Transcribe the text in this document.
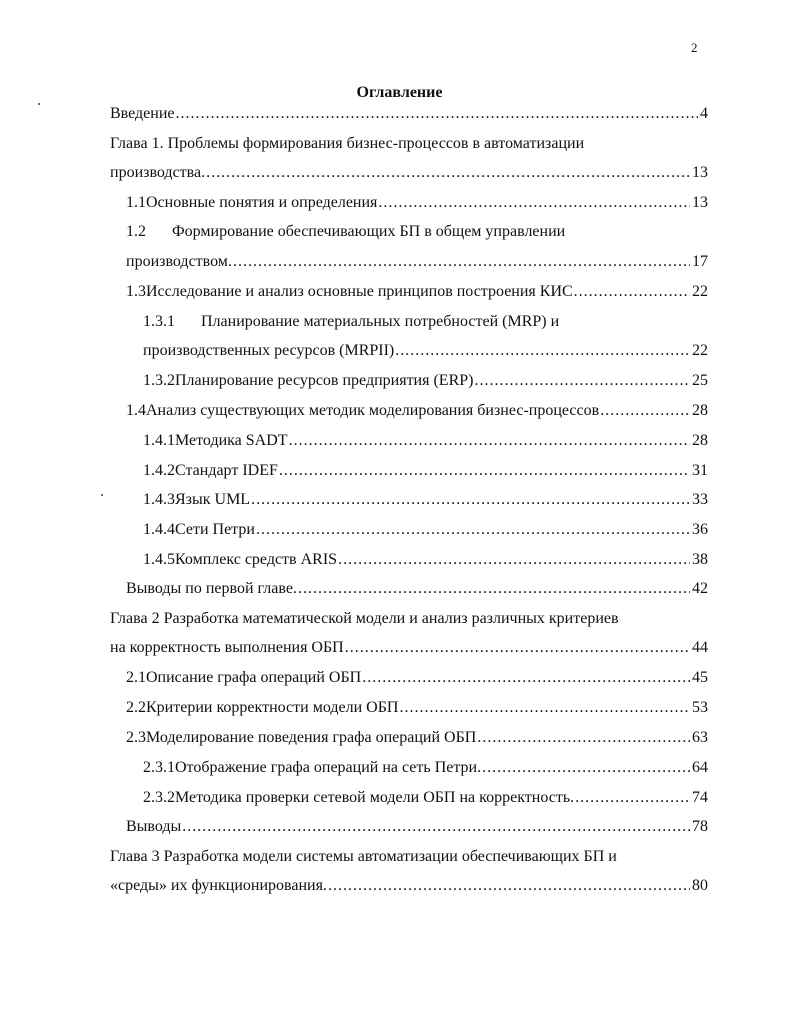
2
Оглавление
Введение .....	4
Глава 1. Проблемы формирования бизнес-процессов в автоматизации
производства. .....	13
1.1 Основные понятия и определения .....	13
1.2 Формирование обеспечивающих БП в общем управлении
производством. .....	17
1.3 Исследование и анализ основные принципов построения КИС .....	22
1.3.1 Планирование материальных потребностей (MRP) и
производственных ресурсов (MRPII) .....	22
1.3.2 Планирование ресурсов предприятия (ERP) .....	25
1.4 Анализ существующих методик моделирования бизнес-процессов .....	28
1.4.1 Методика SADT .....	28
1.4.2 Стандарт IDEF .....	31
1.4.3 Язык UML .....	33
1.4.4 Сети Петри .....	36
1.4.5 Комплекс средств ARIS .....	38
Выводы по первой главе. .....	42
Глава 2 Разработка математической модели и анализ различных критериев
на корректность выполнения ОБП .....	44
2.1 Описание графа операций ОБП .....	45
2.2 Критерии корректности модели ОБП .....	53
2.3 Моделирование поведения графа операций ОБП .....	63
2.3.1 Отображение графа операций на сеть Петри. .....	64
2.3.2 Методика проверки сетевой модели ОБП на корректность. .....	74
Выводы .....	78
Глава 3 Разработка модели системы автоматизации обеспечивающих БП и
«среды» их функционирования. .....	80
